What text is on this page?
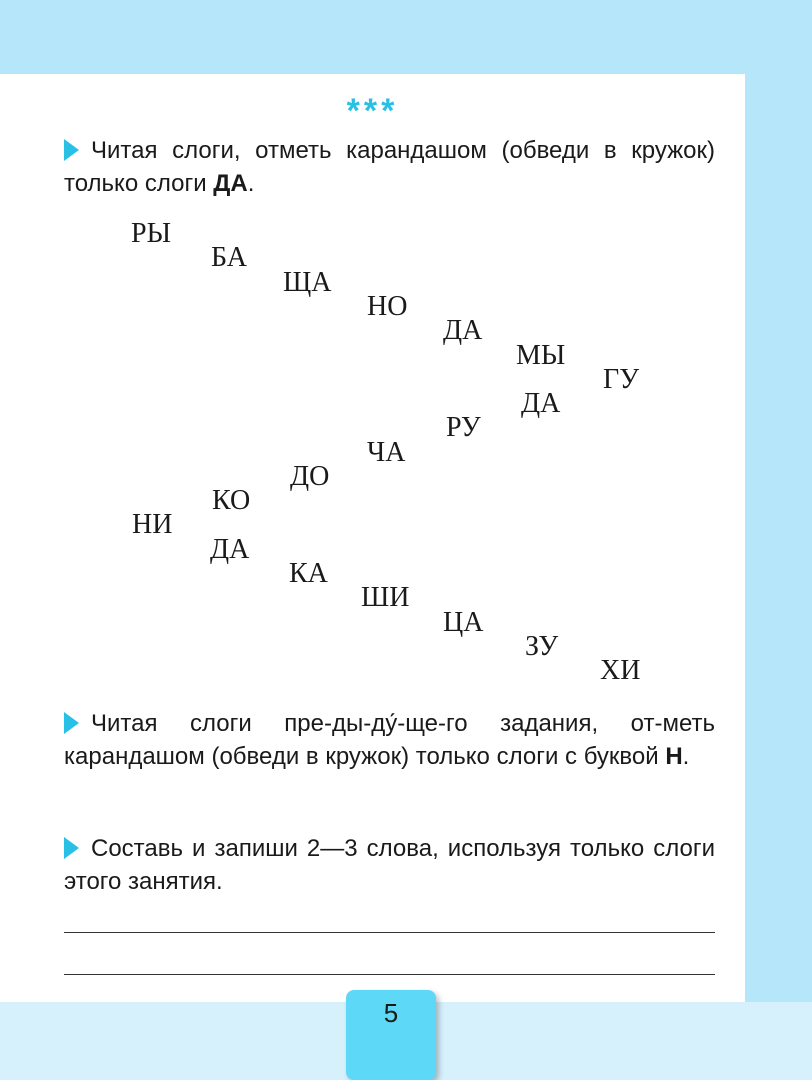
***
Читая слоги, отметь карандашом (обведи в кружок) только слоги ДА.
РЫ
БА
ЩА
НО
ДА
МЫ
ГУ
ДА
РУ
ЧА
ДО
КО
НИ
ДА
КА
ШИ
ЦА
ЗУ
ХИ
Читая слоги пре-ды-ду́-ще-го задания, от-меть карандашом (обведи в кружок) только слоги с буквой Н.
Составь и запиши 2—3 слова, используя только слоги этого занятия.
5
